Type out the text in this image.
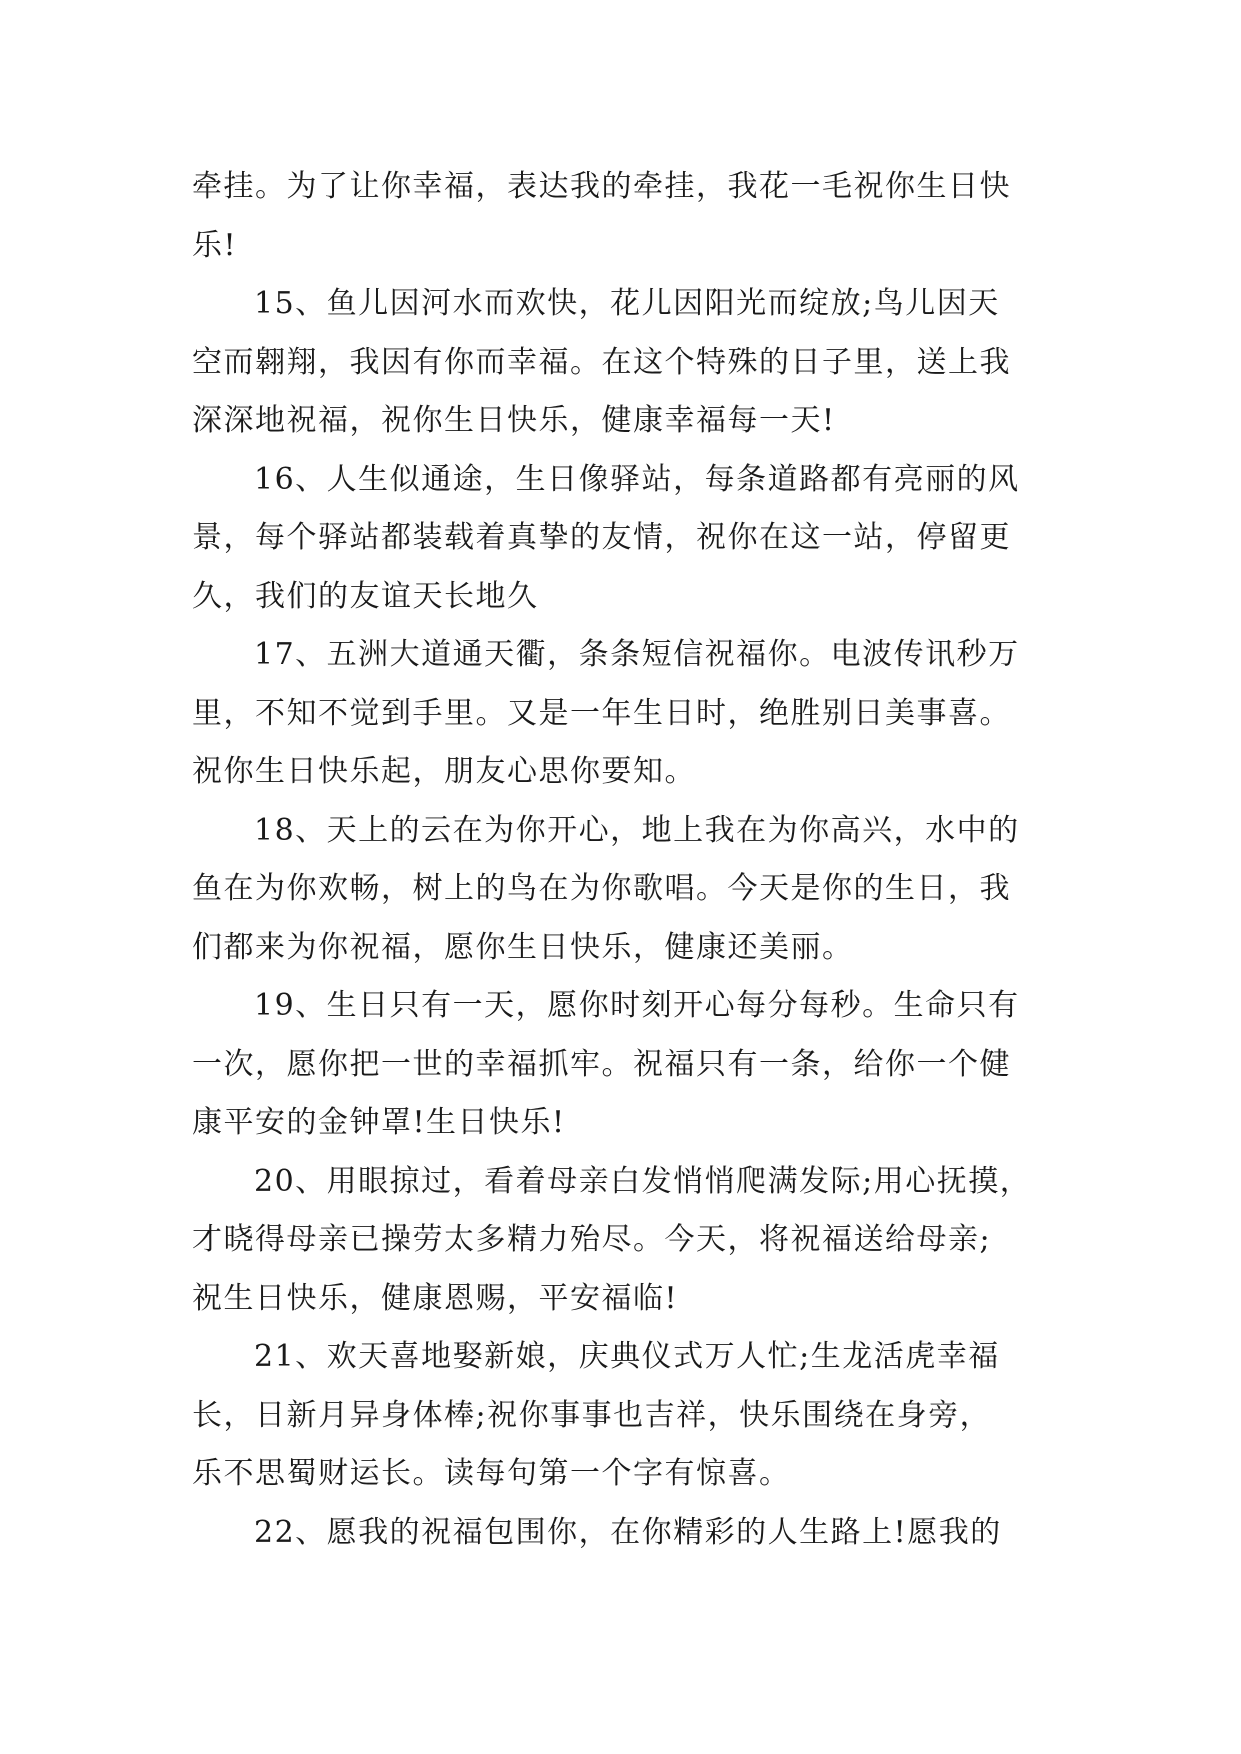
牵挂。为了让你幸福，表达我的牵挂，我花一毛祝你生日快
乐!
15、鱼儿因河水而欢快，花儿因阳光而绽放;鸟儿因天
空而翱翔，我因有你而幸福。在这个特殊的日子里，送上我
深深地祝福，祝你生日快乐，健康幸福每一天!
16、人生似通途，生日像驿站，每条道路都有亮丽的风
景，每个驿站都装载着真挚的友情，祝你在这一站，停留更
久，我们的友谊天长地久
17、五洲大道通天衢，条条短信祝福你。电波传讯秒万
里，不知不觉到手里。又是一年生日时，绝胜别日美事喜。
祝你生日快乐起，朋友心思你要知。
18、天上的云在为你开心，地上我在为你高兴，水中的
鱼在为你欢畅，树上的鸟在为你歌唱。今天是你的生日，我
们都来为你祝福，愿你生日快乐，健康还美丽。
19、生日只有一天，愿你时刻开心每分每秒。生命只有
一次，愿你把一世的幸福抓牢。祝福只有一条，给你一个健
康平安的金钟罩!生日快乐!
20、用眼掠过，看着母亲白发悄悄爬满发际;用心抚摸，
才晓得母亲已操劳太多精力殆尽。今天，将祝福送给母亲;
祝生日快乐，健康恩赐，平安福临!
21、欢天喜地娶新娘，庆典仪式万人忙;生龙活虎幸福
长，日新月异身体棒;祝你事事也吉祥，快乐围绕在身旁，
乐不思蜀财运长。读每句第一个字有惊喜。
22、愿我的祝福包围你，在你精彩的人生路上!愿我的
